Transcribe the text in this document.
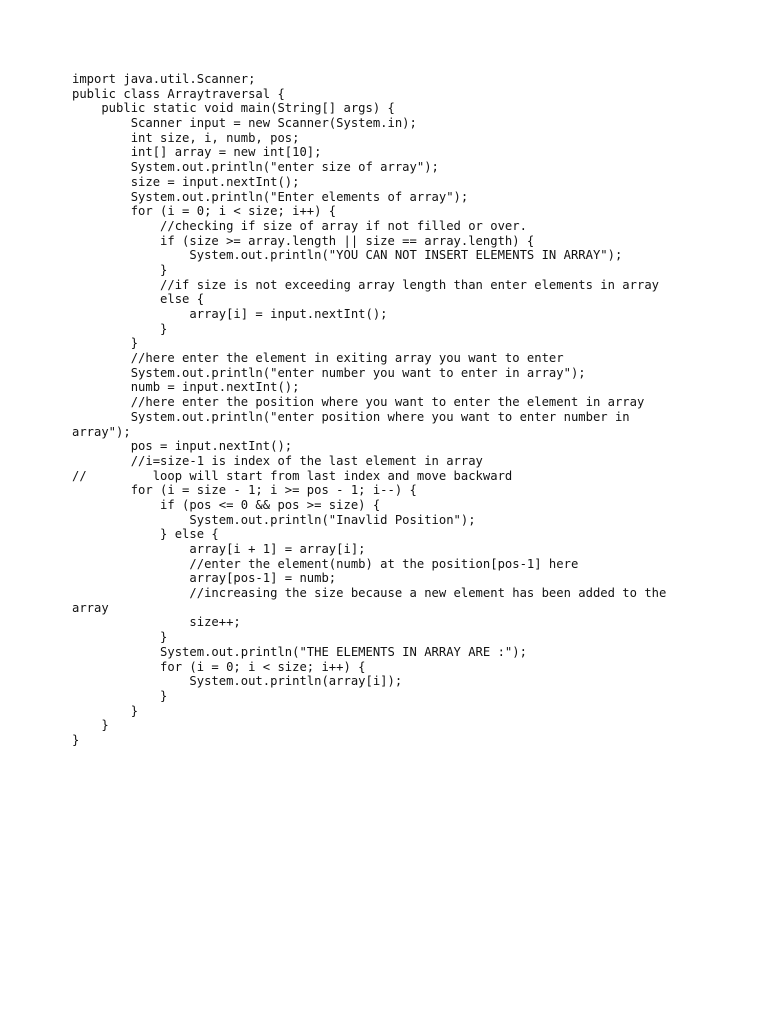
import java.util.Scanner;
public class Arraytraversal {
public static void main(String[] args) {
Scanner input = new Scanner(System.in);
int size, i, numb, pos;
int[] array = new int[10];
System.out.println("enter size of array");
size = input.nextInt();
System.out.println("Enter elements of array");
for (i = 0; i < size; i++) {
//checking if size of array if not filled or over.
if (size >= array.length || size == array.length) {
System.out.println("YOU CAN NOT INSERT ELEMENTS IN ARRAY");
}
//if size is not exceeding array length than enter elements in array
else {
array[i] = input.nextInt();
}
}
//here enter the element in exiting array you want to enter
System.out.println("enter number you want to enter in array");
numb = input.nextInt();
//here enter the position where you want to enter the element in array
System.out.println("enter position where you want to enter number in
array");
pos = input.nextInt();
//i=size-1 is index of the last element in array
//         loop will start from last index and move backward
for (i = size - 1; i >= pos - 1; i--) {
if (pos <= 0 && pos >= size) {
System.out.println("Inavlid Position");
} else {
array[i + 1] = array[i];
//enter the element(numb) at the position[pos-1] here
array[pos-1] = numb;
//increasing the size because a new element has been added to the
array
size++;
}
System.out.println("THE ELEMENTS IN ARRAY ARE :");
for (i = 0; i < size; i++) {
System.out.println(array[i]);
}
}
}
}
